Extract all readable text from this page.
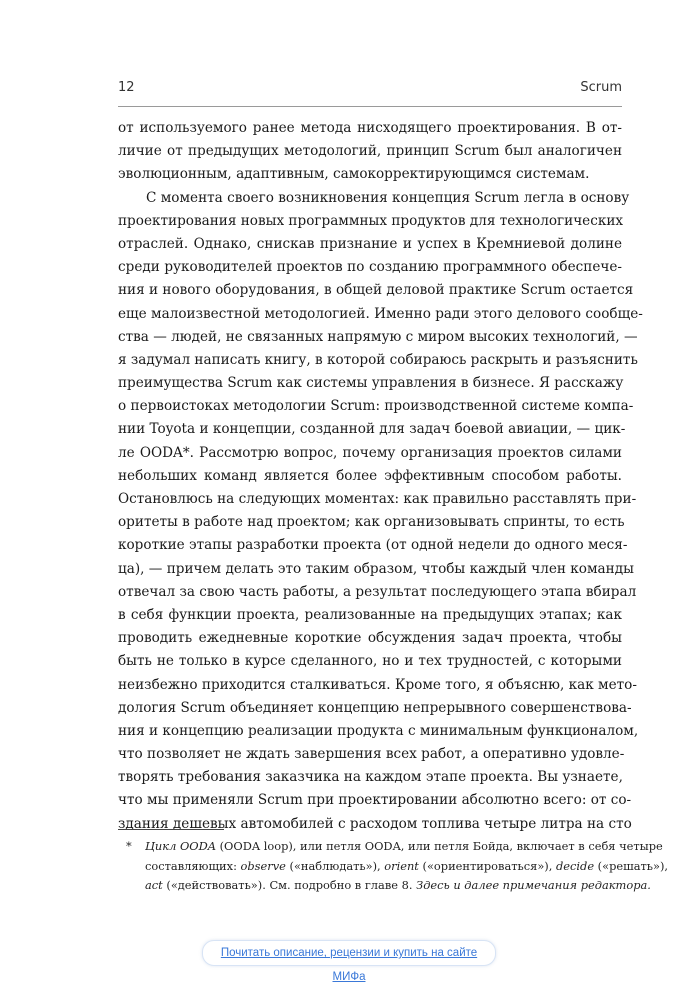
12	Scrum
от используемого ранее метода нисходящего проектирования. В от-
личие от предыдущих методологий, принцип Scrum был аналогичен
эволюционным, адаптивным, самокорректирующимся системам.
С момента своего возникновения концепция Scrum легла в основу
проектирования новых программных продуктов для технологических
отраслей. Однако, снискав признание и успех в Кремниевой долине
среди руководителей проектов по созданию программного обеспече-
ния и нового оборудования, в общей деловой практике Scrum остается
еще малоизвестной методологией. Именно ради этого делового сообще-
ства — людей, не связанных напрямую с миром высоких технологий, —
я задумал написать книгу, в которой собираюсь раскрыть и разъяснить
преимущества Scrum как системы управления в бизнесе. Я расскажу
о первоистоках методологии Scrum: производственной системе компа-
нии Toyota и концепции, созданной для задач боевой авиации, — цик-
ле OODA*. Рассмотрю вопрос, почему организация проектов силами
небольших команд является более эффективным способом работы.
Остановлюсь на следующих моментах: как правильно расставлять при-
оритеты в работе над проектом; как организовывать спринты, то есть
короткие этапы разработки проекта (от одной недели до одного меся-
ца), — причем делать это таким образом, чтобы каждый член команды
отвечал за свою часть работы, а результат последующего этапа вбирал
в себя функции проекта, реализованные на предыдущих этапах; как
проводить ежедневные короткие обсуждения задач проекта, чтобы
быть не только в курсе сделанного, но и тех трудностей, с которыми
неизбежно приходится сталкиваться. Кроме того, я объясню, как мето-
дология Scrum объединяет концепцию непрерывного совершенствова-
ния и концепцию реализации продукта с минимальным функционалом,
что позволяет не ждать завершения всех работ, а оперативно удовле-
творять требования заказчика на каждом этапе проекта. Вы узнаете,
что мы применяли Scrum при проектировании абсолютно всего: от со-
здания дешевых автомобилей с расходом топлива четыре литра на сто
* Цикл OODA (OODA loop), или петля OODA, или петля Бойда, включает в себя четыре
составляющих: observe («наблюдать»), orient («ориентироваться»), decide («решать»),
act («действовать»). См. подробно в главе 8. Здесь и далее примечания редактора.
Почитать описание, рецензии и купить на сайте МИФа
